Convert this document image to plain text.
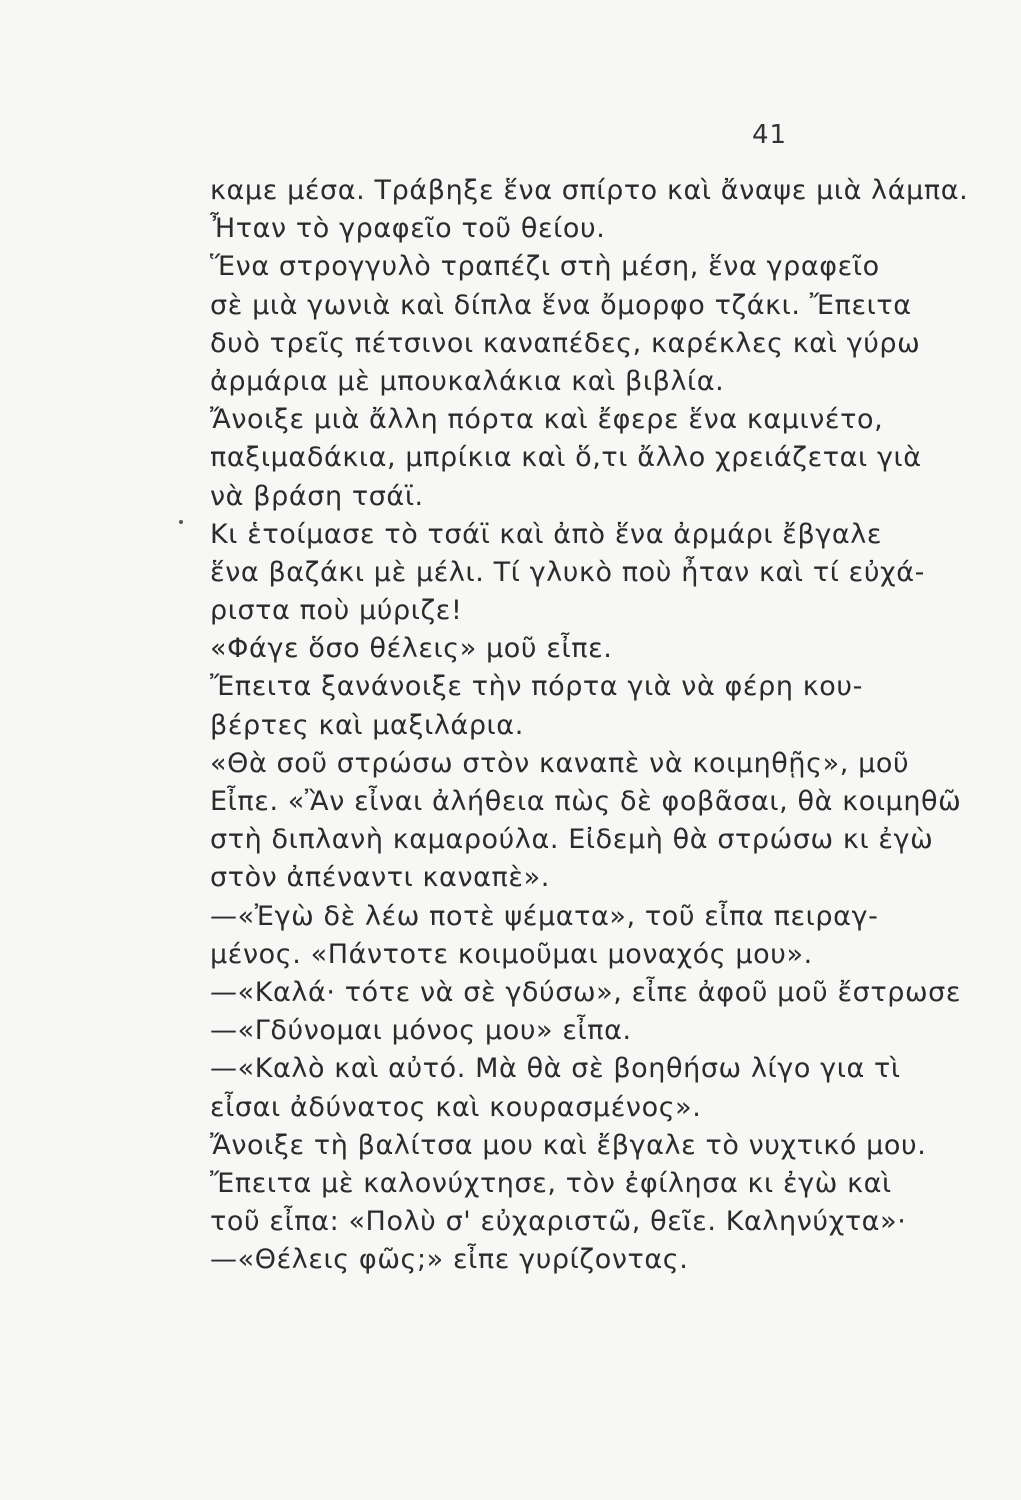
41
καμε μέσα. Τράβηξε ἕνα σπίρτο καὶ ἄναψε μιὰ λάμπα.
Ἦταν τὸ γραφεῖο τοῦ θείου.
Ἕνα στρογγυλὸ τραπέζι στὴ μέση, ἕνα γραφεῖο
σὲ μιὰ γωνιὰ καὶ δίπλα ἕνα ὄμορφο τζάκι. Ἔπειτα
δυὸ τρεῖς πέτσινοι καναπέδες, καρέκλες καὶ γύρω
ἀρμάρια μὲ μπουκαλάκια καὶ βιβλία.
Ἄνοιξε μιὰ ἄλλη πόρτα καὶ ἔφερε ἕνα καμινέτο,
παξιμαδάκια, μπρίκια καὶ ὅ,τι ἄλλο χρειάζεται γιὰ
νὰ βράση τσάϊ.
Κι ἑτοίμασε τὸ τσάϊ καὶ ἀπὸ ἕνα ἀρμάρι ἔβγαλε
ἕνα βαζάκι μὲ μέλι. Τί γλυκὸ ποὺ ἦταν καὶ τί εὐχά-
ριστα ποὺ μύριζε!
«Φάγε ὅσο θέλεις» μοῦ εἶπε.
Ἔπειτα ξανάνοιξε τὴν πόρτα γιὰ νὰ φέρη κου-
βέρτες καὶ μαξιλάρια.
«Θὰ σοῦ στρώσω στὸν καναπὲ νὰ κοιμηθῇς», μοῦ
Εἶπε. «Ἂν εἶναι ἀλήθεια πὼς δὲ φοβᾶσαι, θὰ κοιμηθῶ
στὴ διπλανὴ καμαρούλα. Εἰδεμὴ θὰ στρώσω κι ἐγὼ
στὸν ἀπέναντι καναπὲ».
—«Ἐγὼ δὲ λέω ποτὲ ψέματα», τοῦ εἶπα πειραγ-
μένος. «Πάντοτε κοιμοῦμαι μοναχός μου».
—«Καλά· τότε νὰ σὲ γδύσω», εἶπε ἀφοῦ μοῦ ἔστρωσε
—«Γδύνομαι μόνος μου» εἶπα.
—«Καλὸ καὶ αὐτό. Μὰ θὰ σὲ βοηθήσω λίγο για τὶ
εἶσαι ἀδύνατος καὶ κουρασμένος».
Ἄνοιξε τὴ βαλίτσα μου καὶ ἔβγαλε τὸ νυχτικό μου.
Ἔπειτα μὲ καλονύχτησε, τὸν ἐφίλησα κι ἐγὼ καὶ
τοῦ εἶπα: «Πολὺ σ' εὐχαριστῶ, θεῖε. Καληνύχτα»·
—«Θέλεις φῶς;» εἶπε γυρίζοντας.
